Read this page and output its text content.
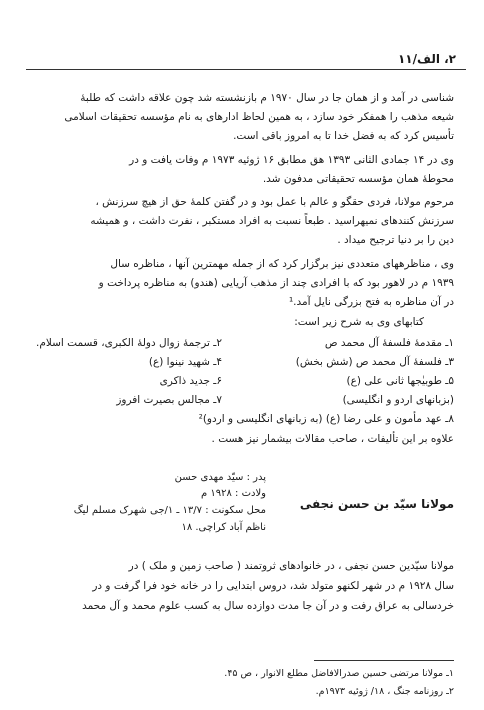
۲، الف/۱۱
شناسی در آمد و از همان جا در سال ۱۹۷۰ م بازنشسته شد چون علاقه داشت که طلبهٔ
شیعه مذهب را همفکر خود سازد ، به همین لحاظ ادارهای به نام مؤسسه تحقیقات اسلامی
تأسیس کرد که به فضل خدا تا به امروز باقی است.
وی در ۱۴ جمادی الثانی ۱۳۹۳ هق مطابق ۱۶ ژوئیه ۱۹۷۳ م وفات یافت و در
محوطهٔ همان مؤسسه تحقیقاتی مدفون شد.
مرحوم مولانا، فردی حقگو و عالم با عمل بود و در گفتن کلمهٔ حق از هیچ سرزنش ،
سرزنش کنندهای نمیهراسید . طبعاً نسبت به افراد مستکبر ، نفرت داشت ، و همیشه
دین را بر دنیا ترجیح میداد .
وی ، مناظرههای متعددی نیز برگزار کرد که از جمله مهمترین آنها ، مناظره سال
۱۹۳۹ م در لاهور بود که با افرادی چند از مذهب آریایی (هندو) به مناظره پرداخت و
در آن مناظره به فتح بزرگی نایل آمد.¹
کتابهای وی به شرح زیر است:
۱ـ مقدمهٔ فلسفهٔ آل محمد ص
۳ـ فلسفهٔ آل محمد ص (شش بخش)
۵ـ طوبیٰجها ثانی علی (ع)
(بزبانهای اردو و انگلیسی)
۸ـ عهد مأمون و علی رضا (ع) (به زبانهای انگلیسی و اردو)²
۲ـ ترجمهٔ زوال دولهٔ الکبری، قسمت اسلام.
۴ـ شهید نینوا (ع)
۶ـ جدید ذاکری
۷ـ مجالس بصیرت افروز
علاوه بر این تألیفات ، صاحب مقالات بیشمار نیز هست .
مولانا سیّد بن حسن نجفی
پدر : سیّد مهدی حسن
ولادت : ۱۹۲۸ م
محل سکونت : ۱۳/۷ ـ ۱/جی شهرک مسلم لیگ
ناظم آباد کراچی. ۱۸
مولانا سیّدین حسن نجفی ، در خانوادهای ثروتمند ( صاحب زمین و ملک ) در
سال ۱۹۲۸ م در شهر لکنهو متولد شد، دروس ابتدایی را در خانه خود فرا گرفت و در
خردسالی به عراق رفت و در آن جا مدت دوازده سال به کسب علوم محمد و آل محمد
۱ـ مولانا مرتضی حسین صدرالافاضل مطلع الانوار ، ص ۴۵.
۲ـ روزنامه جنگ ، ۱۸/ ژوئیه ۱۹۷۳م.
